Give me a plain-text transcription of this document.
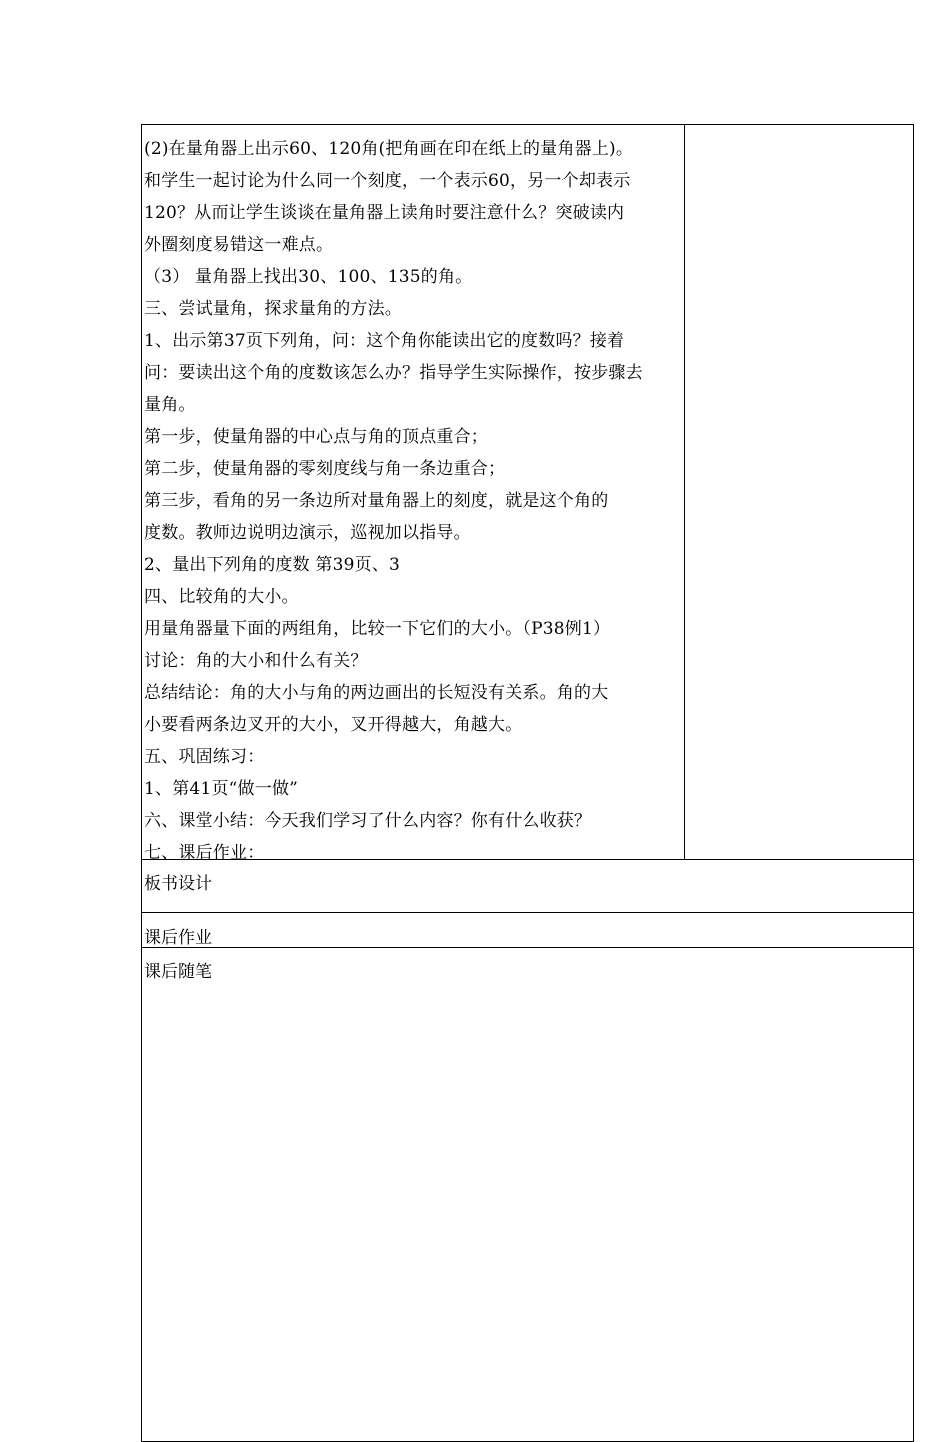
(2)在量角器上出示60、120角(把角画在印在纸上的量角器上)。
和学生一起讨论为什么同一个刻度，一个表示60，另一个却表示
120？从而让学生谈谈在量角器上读角时要注意什么？突破读内
外圈刻度易错这一难点。
（3） 量角器上找出30、100、135的角。
三、尝试量角，探求量角的方法。
1、出示第37页下列角，问：这个角你能读出它的度数吗？接着
问：要读出这个角的度数该怎么办？指导学生实际操作，按步骤去
量角。
第一步，使量角器的中心点与角的顶点重合；
第二步，使量角器的零刻度线与角一条边重合；
第三步，看角的另一条边所对量角器上的刻度，就是这个角的
度数。教师边说明边演示，巡视加以指导。
2、量出下列角的度数 第39页、3
四、比较角的大小。
用量角器量下面的两组角，比较一下它们的大小。（P38例1）
讨论：角的大小和什么有关？
总结结论：角的大小与角的两边画出的长短没有关系。角的大
小要看两条边叉开的大小，叉开得越大，角越大。
五、巩固练习：
1、第41页“做一做”
六、课堂小结：今天我们学习了什么内容？你有什么收获？
七、课后作业：
板书设计
课后作业
课后随笔
